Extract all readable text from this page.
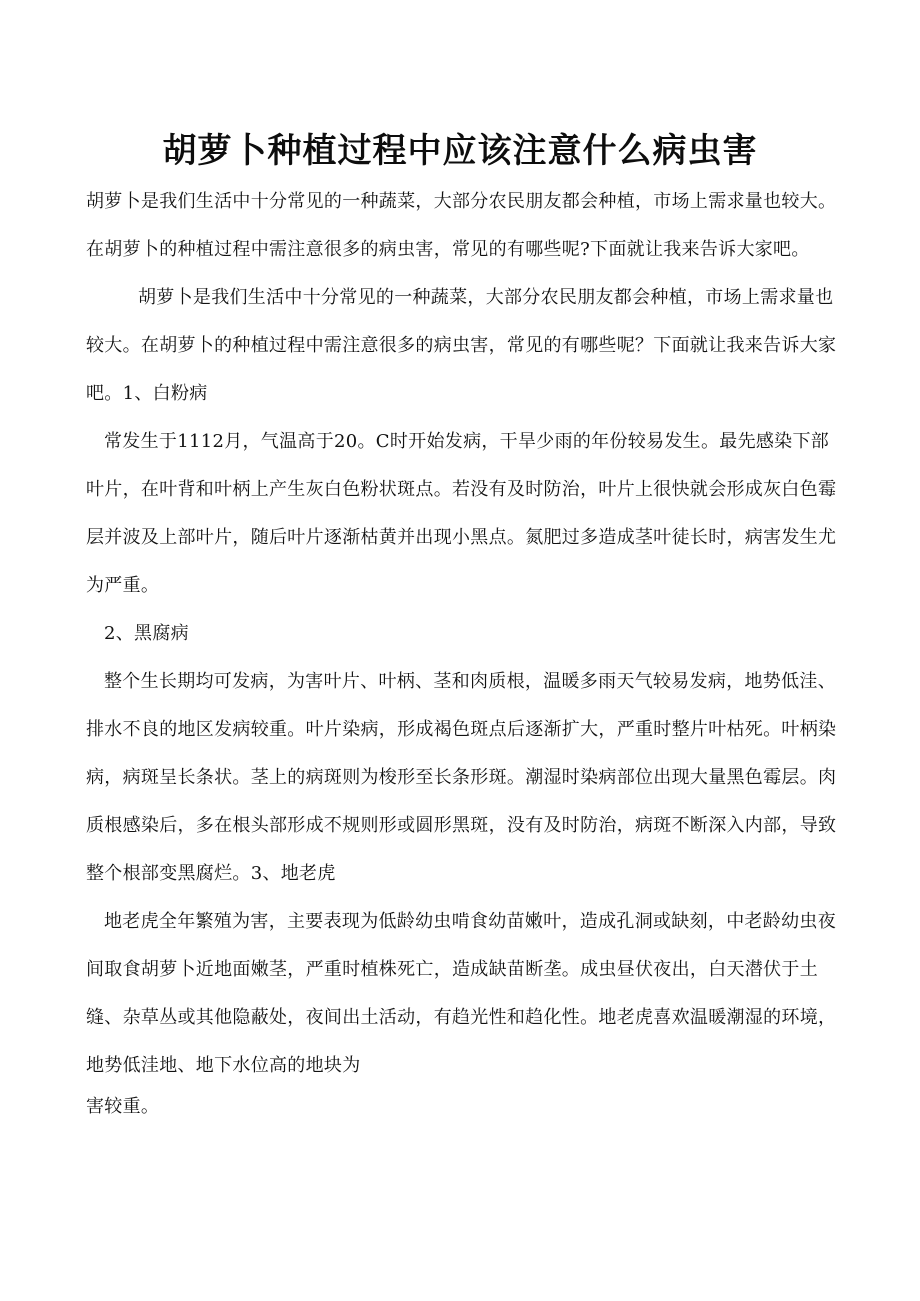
胡萝卜种植过程中应该注意什么病虫害

胡萝卜是我们生活中十分常见的一种蔬菜，大部分农民朋友都会种植，市场上需求量也较大。在胡萝卜的种植过程中需注意很多的病虫害，常见的有哪些呢?下面就让我来告诉大家吧。

胡萝卜是我们生活中十分常见的一种蔬菜，大部分农民朋友都会种植，市场上需求量也较大。在胡萝卜的种植过程中需注意很多的病虫害，常见的有哪些呢？下面就让我来告诉大家吧。1、白粉病

常发生于1112月，气温高于20。C时开始发病，干旱少雨的年份较易发生。最先感染下部叶片，在叶背和叶柄上产生灰白色粉状斑点。若没有及时防治，叶片上很快就会形成灰白色霉层并波及上部叶片，随后叶片逐渐枯黄并出现小黑点。氮肥过多造成茎叶徒长时，病害发生尤为严重。

2、黑腐病

整个生长期均可发病，为害叶片、叶柄、茎和肉质根，温暖多雨天气较易发病，地势低洼、排水不良的地区发病较重。叶片染病，形成褐色斑点后逐渐扩大，严重时整片叶枯死。叶柄染病，病斑呈长条状。茎上的病斑则为梭形至长条形斑。潮湿时染病部位出现大量黑色霉层。肉质根感染后，多在根头部形成不规则形或圆形黑斑，没有及时防治，病斑不断深入内部，导致整个根部变黑腐烂。3、地老虎

地老虎全年繁殖为害，主要表现为低龄幼虫啃食幼苗嫩叶，造成孔洞或缺刻，中老龄幼虫夜间取食胡萝卜近地面嫩茎，严重时植株死亡，造成缺苗断垄。成虫昼伏夜出，白天潜伏于土缝、杂草丛或其他隐蔽处，夜间出土活动，有趋光性和趋化性。地老虎喜欢温暖潮湿的环境，地势低洼地、地下水位高的地块为

害较重。
